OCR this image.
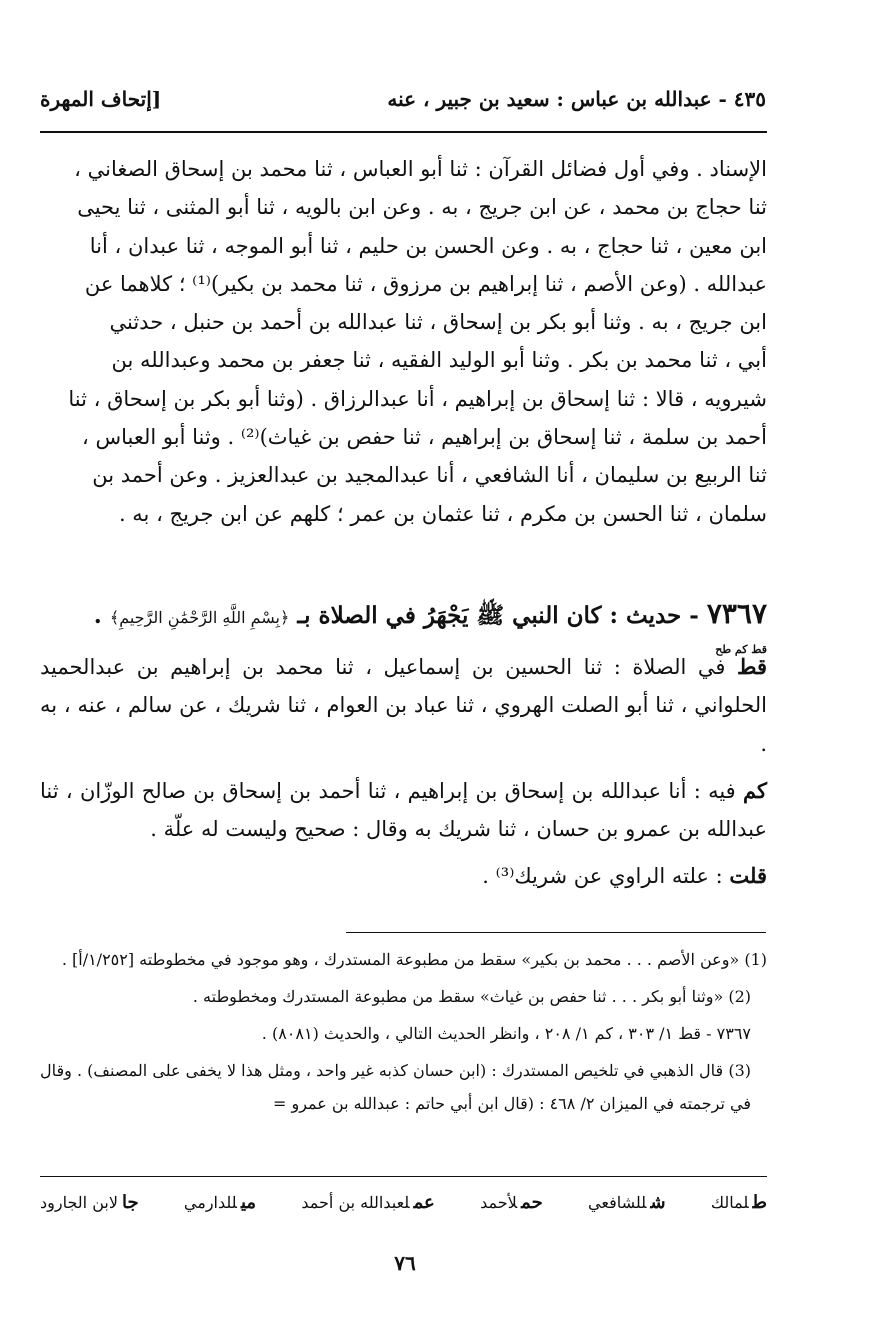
٤٣٥ - عبدالله بن عباس : سعيد بن جبير ، عنه
[إتحاف المهرة

الإسناد . وفي أول فضائل القرآن : ثنا أبو العباس ، ثنا محمد بن إسحاق الصغاني ،

ثنا حجاج بن محمد ، عن ابن جريج ، به . وعن ابن بالويه ، ثنا أبو المثنى ، ثنا يحيى

ابن معين ، ثنا حجاج ، به . وعن الحسن بن حليم ، ثنا أبو الموجه ، ثنا عبدان ، أنا

عبدالله . (وعن الأصم ، ثنا إبراهيم بن مرزوق ، ثنا محمد بن بكير)⁽¹⁾ ؛ كلاهما عن

ابن جريج ، به . وثنا أبو بكر بن إسحاق ، ثنا عبدالله بن أحمد بن حنبل ، حدثني

أبي ، ثنا محمد بن بكر . وثنا أبو الوليد الفقيه ، ثنا جعفر بن محمد وعبدالله بن

شيرويه ، قالا : ثنا إسحاق بن إبراهيم ، أنا عبدالرزاق . (وثنا أبو بكر بن إسحاق ، ثنا

أحمد بن سلمة ، ثنا إسحاق بن إبراهيم ، ثنا حفص بن غياث)⁽²⁾ . وثنا أبو العباس ،

ثنا الربيع بن سليمان ، أنا الشافعي ، أنا عبدالمجيد بن عبدالعزيز . وعن أحمد بن

سلمان ، ثنا الحسن بن مكرم ، ثنا عثمان بن عمر ؛ كلهم عن ابن جريج ، به .

٧٣٦٧ - حديث : كان النبي ﷺ يَجْهَرُ في الصلاة بـ ﴿بِسْمِ اللَّهِ الرَّحْمَٰنِ الرَّحِيمِ﴾ .
قط كم طح

قط في الصلاة : ثنا الحسين بن إسماعيل ، ثنا محمد بن إبراهيم بن عبدالحميد الحلواني ، ثنا أبو الصلت الهروي ، ثنا عباد بن العوام ، ثنا شريك ، عن سالم ، عنه ، به .

كم فيه : أنا عبدالله بن إسحاق بن إبراهيم ، ثنا أحمد بن إسحاق بن صالح الوزّان ، ثنا عبدالله بن عمرو بن حسان ، ثنا شريك به وقال : صحيح وليست له علّة .

قلت : علته الراوي عن شريك⁽³⁾ .

(1) «وعن الأصم . . . محمد بن بكير» سقط من مطبوعة المستدرك ، وهو موجود في مخطوطته [١/٢٥٢/أ] .

(2) «وثنا أبو بكر . . . ثنا حفص بن غياث» سقط من مطبوعة المستدرك ومخطوطته .

٧٣٦٧ - قط ١/ ٣٠٣ ، كم ١/ ٢٠٨ ، وانظر الحديث التالي ، والحديث (٨٠٨١) .

(3) قال الذهبي في تلخيص المستدرك : (ابن حسان كذبه غير واحد ، ومثل هذا لا يخفى على المصنف) . وقال في ترجمته في الميزان ٢/ ٤٦٨ : (قال ابن أبي حاتم : عبدالله بن عمرو =

طلمالك
شللشافعي
حملأحمد
عملعبدالله بن أحمد
ميللدارمي
جالابن الجارود
٧٦
